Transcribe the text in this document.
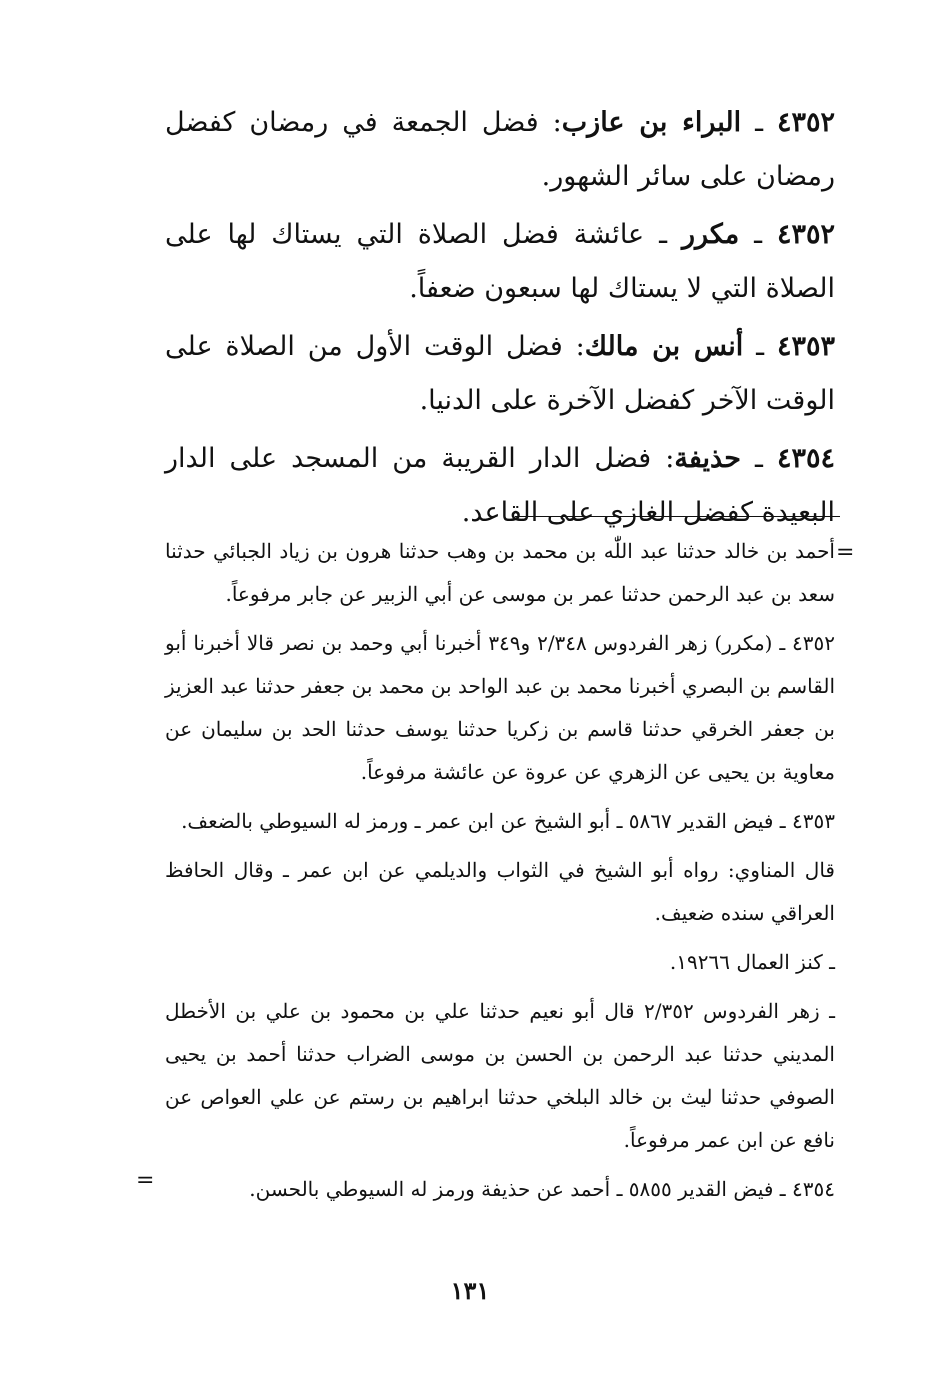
٤٣٥٢ ـ البراء بن عازب: فضل الجمعة في رمضان كفضل رمضان على سائر الشهور.

٤٣٥٢ ـ مكرر ـ عائشة فضل الصلاة التي يستاك لها على الصلاة التي لا يستاك لها سبعون ضعفاً.

٤٣٥٣ ـ أنس بن مالك: فضل الوقت الأول من الصلاة على الوقت الآخر كفضل الآخرة على الدنيا.

٤٣٥٤ ـ حذيفة: فضل الدار القريبة من المسجد على الدار البعيدة كفضل الغازي على القاعد.

=

أحمد بن خالد حدثنا عبد اللّٰه بن محمد بن وهب حدثنا هرون بن زياد الجبائي حدثنا سعد بن عبد الرحمن حدثنا عمر بن موسى عن أبي الزبير عن جابر مرفوعاً.

٤٣٥٢ ـ (مكرر) زهر الفردوس ٢/٣٤٨ و٣٤٩ أخبرنا أبي وحمد بن نصر قالا أخبرنا أبو القاسم بن البصري أخبرنا محمد بن عبد الواحد بن محمد بن جعفر حدثنا عبد العزيز بن جعفر الخرقي حدثنا قاسم بن زكريا حدثنا يوسف حدثنا الحد بن سليمان عن معاوية بن يحيى عن الزهري عن عروة عن عائشة مرفوعاً.

٤٣٥٣ ـ فيض القدير ٥٨٦٧ ـ أبو الشيخ عن ابن عمر ـ ورمز له السيوطي بالضعف.

قال المناوي: رواه أبو الشيخ في الثواب والديلمي عن ابن عمر ـ وقال الحافظ العراقي سنده ضعيف.

ـ كنز العمال ١٩٢٦٦.

ـ زهر الفردوس ٢/٣٥٢ قال أبو نعيم حدثنا علي بن محمود بن علي بن الأخطل المديني حدثنا عبد الرحمن بن الحسن بن موسى الضراب حدثنا أحمد بن يحيى الصوفي حدثنا ليث بن خالد البلخي حدثنا ابراهيم بن رستم عن علي العواص عن نافع عن ابن عمر مرفوعاً.

٤٣٥٤ ـ فيض القدير ٥٨٥٥ ـ أحمد عن حذيفة ورمز له السيوطي بالحسن.

=
١٣١
